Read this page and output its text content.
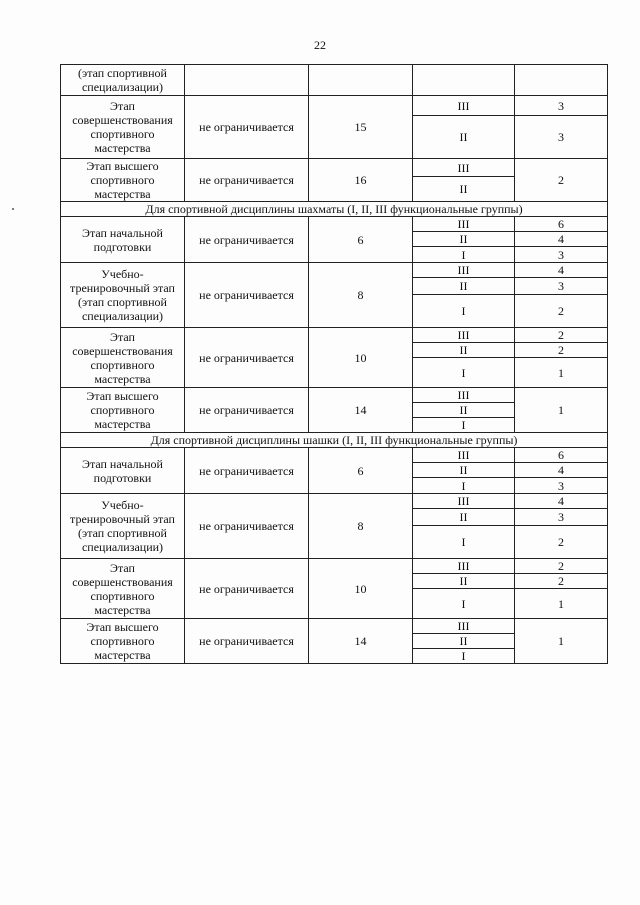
22
(этап спортивной специализации)				
Этап совершенствования спортивного мастерства	не ограничивается	15	III	3
			II	3
Этап высшего спортивного мастерства	не ограничивается	16	III	2
			II	
Для спортивной дисциплины шахматы (I, II, III функциональные группы)				
Этап начальной подготовки	не ограничивается	6	III	6
			II	4
			I	3
Учебно-тренировочный этап (этап спортивной специализации)	не ограничивается	8	III	4
			II	3
			I	2
Этап совершенствования спортивного мастерства	не ограничивается	10	III	2
			II	2
			I	1
Этап высшего спортивного мастерства	не ограничивается	14	III	1
			II	
			I	
Для спортивной дисциплины шашки (I, II, III функциональные группы)				
Этап начальной подготовки	не ограничивается	6	III	6
			II	4
			I	3
Учебно-тренировочный этап (этап спортивной специализации)	не ограничивается	8	III	4
			II	3
			I	2
Этап совершенствования спортивного мастерства	не ограничивается	10	III	2
			II	2
			I	1
Этап высшего спортивного мастерства	не ограничивается	14	III	1
			II	
			I	
